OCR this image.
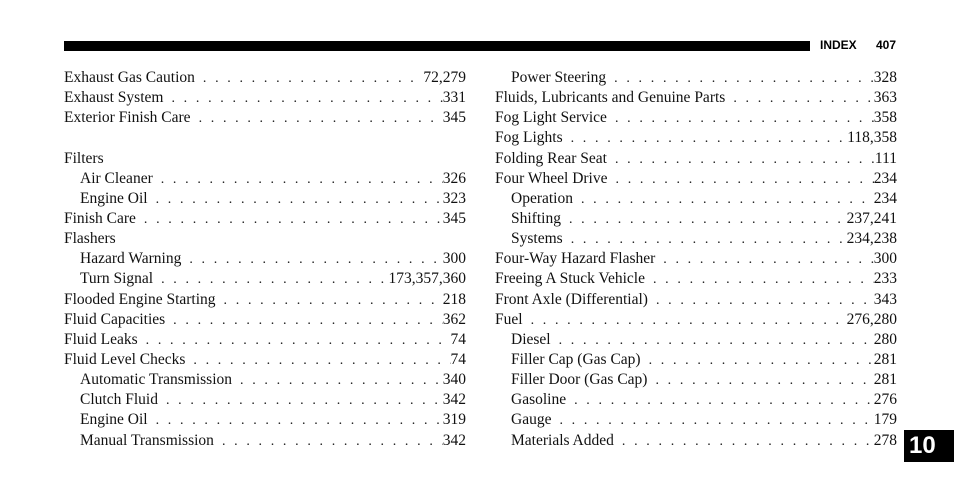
INDEX 407
Exhaust Gas Caution . . .	72,279
Exhaust System . . .	331
Exterior Finish Care . . .	345
Filters
Air Cleaner . . .	326
Engine Oil . . .	323
Finish Care . . .	345
Flashers
Hazard Warning . . .	300
Turn Signal . . .	173,357,360
Flooded Engine Starting . . .	218
Fluid Capacities . . .	362
Fluid Leaks . . .	74
Fluid Level Checks . . .	74
Automatic Transmission . . .	340
Clutch Fluid . . .	342
Engine Oil . . .	319
Manual Transmission . . .	342
Power Steering . . .	328
Fluids, Lubricants and Genuine Parts . . .	363
Fog Light Service . . .	358
Fog Lights . . .	118,358
Folding Rear Seat . . .	111
Four Wheel Drive . . .	234
Operation . . .	234
Shifting . . .	237,241
Systems . . .	234,238
Four-Way Hazard Flasher . . .	300
Freeing A Stuck Vehicle . . .	233
Front Axle (Differential) . . .	343
Fuel . . .	276,280
Diesel . . .	280
Filler Cap (Gas Cap) . . .	281
Filler Door (Gas Cap) . . .	281
Gasoline . . .	276
Gauge . . .	179
Materials Added . . .	278 10
